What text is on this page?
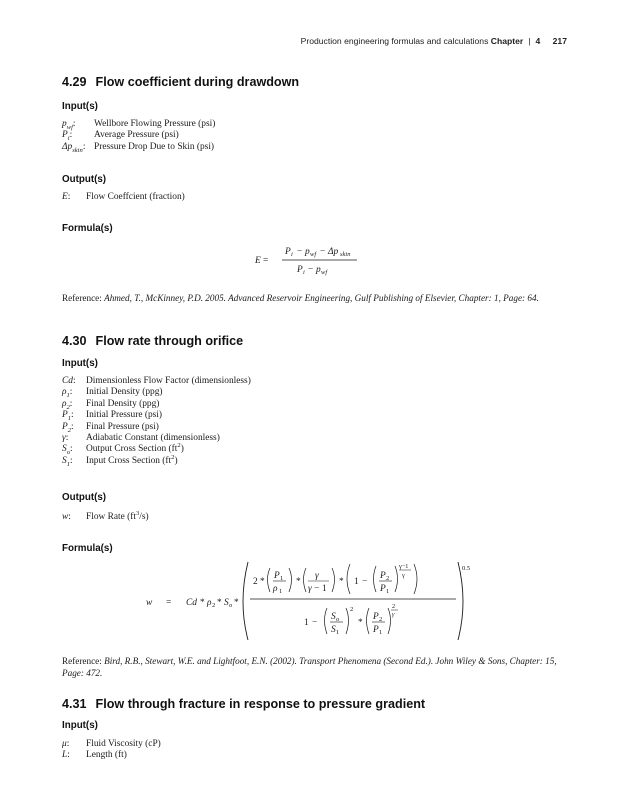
Production engineering formulas and calculations Chapter | 4 217
4.29 Flow coefficient during drawdown
Input(s)
$p_{wf}$: Wellbore Flowing Pressure (psi)
$P_i$: Average Pressure (psi)
$\Delta p_{skin}$: Pressure Drop Due to Skin (psi)
Output(s)
E: Flow Coeffcient (fraction)
Formula(s)
E =
P i − p wf − Δp skin
P i − p wf
Reference: Ahmed, T., McKinney, P.D. 2005. Advanced Reservoir Engineering, Gulf Publishing of Elsevier, Chapter: 1, Page: 64.
4.30 Flow rate through orifice
Input(s)
Cd: Dimensionless Flow Factor (dimensionless)
$\rho_1$: Initial Density (ppg)
$\rho_2$: Final Density (ppg)
$P_1$: Initial Pressure (psi)
$P_2$: Final Pressure (psi)
γ: Adiabatic Constant (dimensionless)
$S_o$: Output Cross Section $(ft^2)$
$S_1$: Input Cross Section $(ft^2)$
Output(s)
w: Flow Rate $(ft^3/s)$
Formula(s)
w = Cd * ρ 2 * S o *
0.5
2 *
P 1
ρ 1
*
γ
γ − 1
* 1 −
P 2
P 1
γ−1
γ
1 −
S o
S 1
2
*
P 2
P 1
2
γ
Reference: Bird, R.B., Stewart, W.E. and Lightfoot, E.N. (2002). Transport Phenomena (Second Ed.). John Wiley & Sons, Chapter: 15, Page: 472.
4.31 Flow through fracture in response to pressure gradient
Input(s)
μ: Fluid Viscosity (cP)
L: Length (ft)
